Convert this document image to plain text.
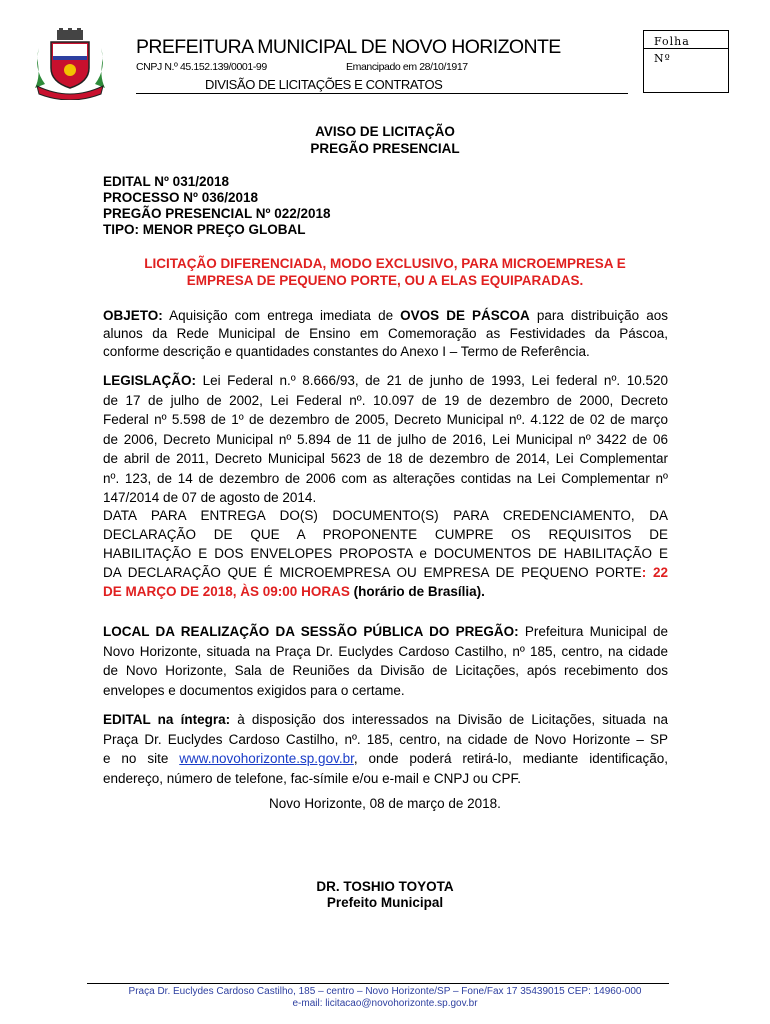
PREFEITURA MUNICIPAL DE NOVO HORIZONTE
CNPJ N.º 45.152.139/0001-99	Emancipado em 28/10/1917
DIVISÃO DE LICITAÇÕES E CONTRATOS
Folha
Nº
AVISO DE LICITAÇÃO
PREGÃO PRESENCIAL
EDITAL Nº 031/2018
PROCESSO Nº 036/2018
PREGÃO PRESENCIAL Nº 022/2018
TIPO: MENOR PREÇO GLOBAL
LICITAÇÃO DIFERENCIADA, MODO EXCLUSIVO, PARA MICROEMPRESA E
EMPRESA DE PEQUENO PORTE, OU A ELAS EQUIPARADAS.
OBJETO: Aquisição com entrega imediata de OVOS DE PÁSCOA para distribuição aos
alunos da Rede Municipal de Ensino em Comemoração as Festividades da Páscoa,
conforme descrição e quantidades constantes do Anexo I – Termo de Referência.
LEGISLAÇÃO: Lei Federal n.º 8.666/93, de 21 de junho de 1993, Lei federal nº. 10.520
de 17 de julho de 2002, Lei Federal nº. 10.097 de 19 de dezembro de 2000, Decreto
Federal nº 5.598 de 1º de dezembro de 2005, Decreto Municipal nº. 4.122 de 02 de março
de 2006, Decreto Municipal nº 5.894 de 11 de julho de 2016, Lei Municipal nº 3422 de 06
de abril de 2011, Decreto Municipal 5623 de 18 de dezembro de 2014, Lei Complementar
nº. 123, de 14 de dezembro de 2006 com as alterações contidas na Lei Complementar nº
147/2014 de 07 de agosto de 2014.
DATA PARA ENTREGA DO(S) DOCUMENTO(S) PARA CREDENCIAMENTO, DA
DECLARAÇÃO DE QUE A PROPONENTE CUMPRE OS REQUISITOS DE
HABILITAÇÃO E DOS ENVELOPES PROPOSTA e DOCUMENTOS DE HABILITAÇÃO E
DA DECLARAÇÃO QUE É MICROEMPRESA OU EMPRESA DE PEQUENO PORTE: 22
DE MARÇO DE 2018, ÀS 09:00 HORAS (horário de Brasília).
LOCAL DA REALIZAÇÃO DA SESSÃO PÚBLICA DO PREGÃO: Prefeitura Municipal de
Novo Horizonte, situada na Praça Dr. Euclydes Cardoso Castilho, nº 185, centro, na cidade
de Novo Horizonte, Sala de Reuniões da Divisão de Licitações, após recebimento dos
envelopes e documentos exigidos para o certame.
EDITAL na íntegra: à disposição dos interessados na Divisão de Licitações, situada na
Praça Dr. Euclydes Cardoso Castilho, nº. 185, centro, na cidade de Novo Horizonte – SP
e no site www.novohorizonte.sp.gov.br, onde poderá retirá-lo, mediante identificação,
endereço, número de telefone, fac-símile e/ou e-mail e CNPJ ou CPF.
Novo Horizonte, 08 de março de 2018.
DR. TOSHIO TOYOTA
Prefeito Municipal
Praça Dr. Euclydes Cardoso Castilho, 185 – centro – Novo Horizonte/SP – Fone/Fax 17 35439015 CEP: 14960-000
e-mail: licitacao@novohorizonte.sp.gov.br
